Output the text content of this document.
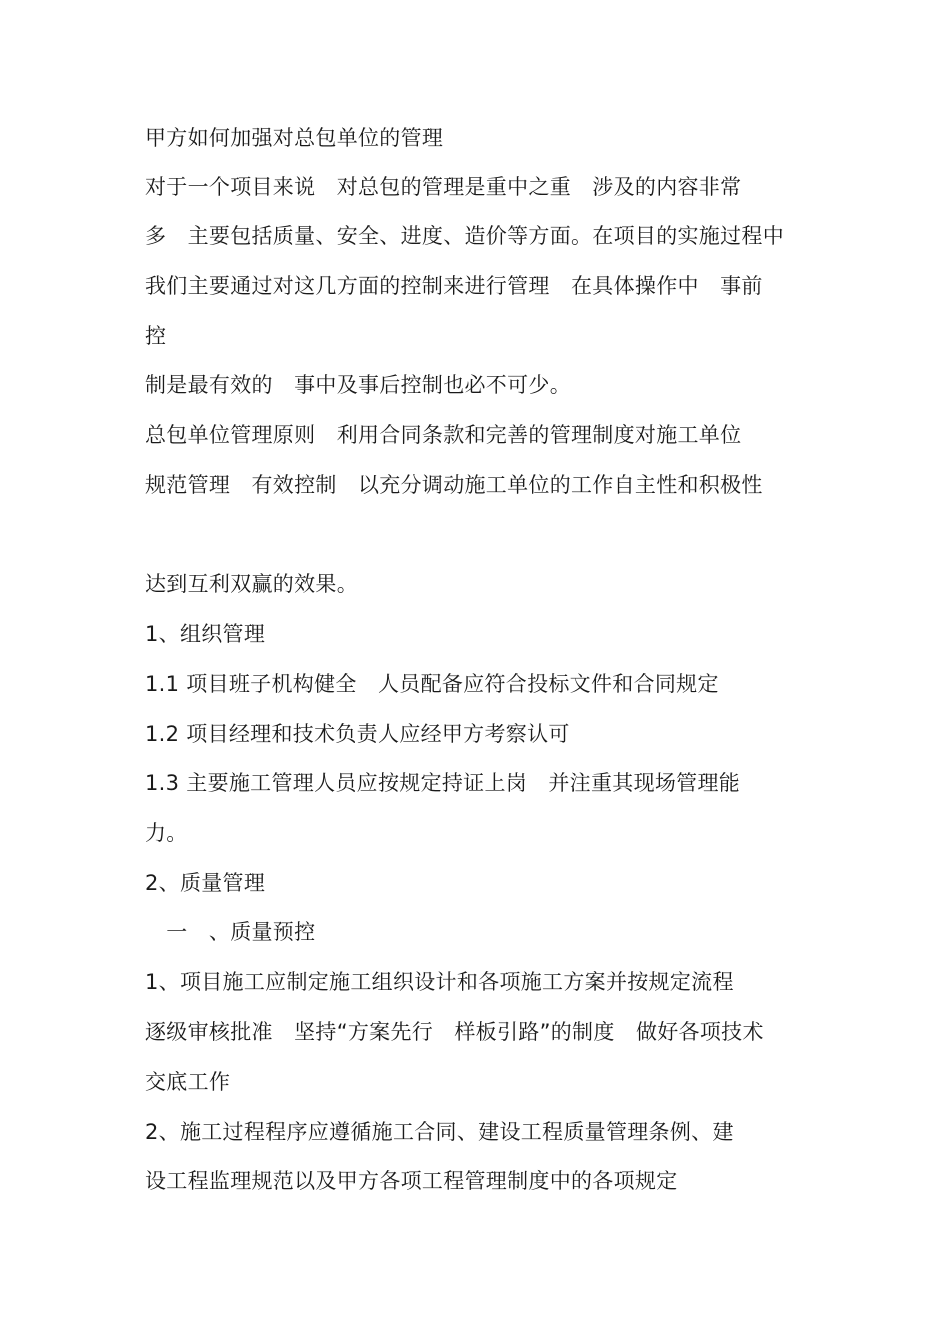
甲方如何加强对总包单位的管理
对于一个项目来说　对总包的管理是重中之重　涉及的内容非常
多　主要包括质量、安全、进度、造价等方面。在项目的实施过程中
我们主要通过对这几方面的控制来进行管理　在具体操作中　事前
控
制是最有效的　事中及事后控制也必不可少。
总包单位管理原则　利用合同条款和完善的管理制度对施工单位
规范管理　有效控制　以充分调动施工单位的工作自主性和积极性
达到互利双赢的效果。
1、组织管理
1.1 项目班子机构健全　人员配备应符合投标文件和合同规定
1.2 项目经理和技术负责人应经甲方考察认可
1.3 主要施工管理人员应按规定持证上岗　并注重其现场管理能
力。
2、质量管理
　一　、质量预控
1、项目施工应制定施工组织设计和各项施工方案并按规定流程
逐级审核批准　坚持“方案先行　样板引路”的制度　做好各项技术
交底工作
2、施工过程程序应遵循施工合同、建设工程质量管理条例、建
设工程监理规范以及甲方各项工程管理制度中的各项规定
